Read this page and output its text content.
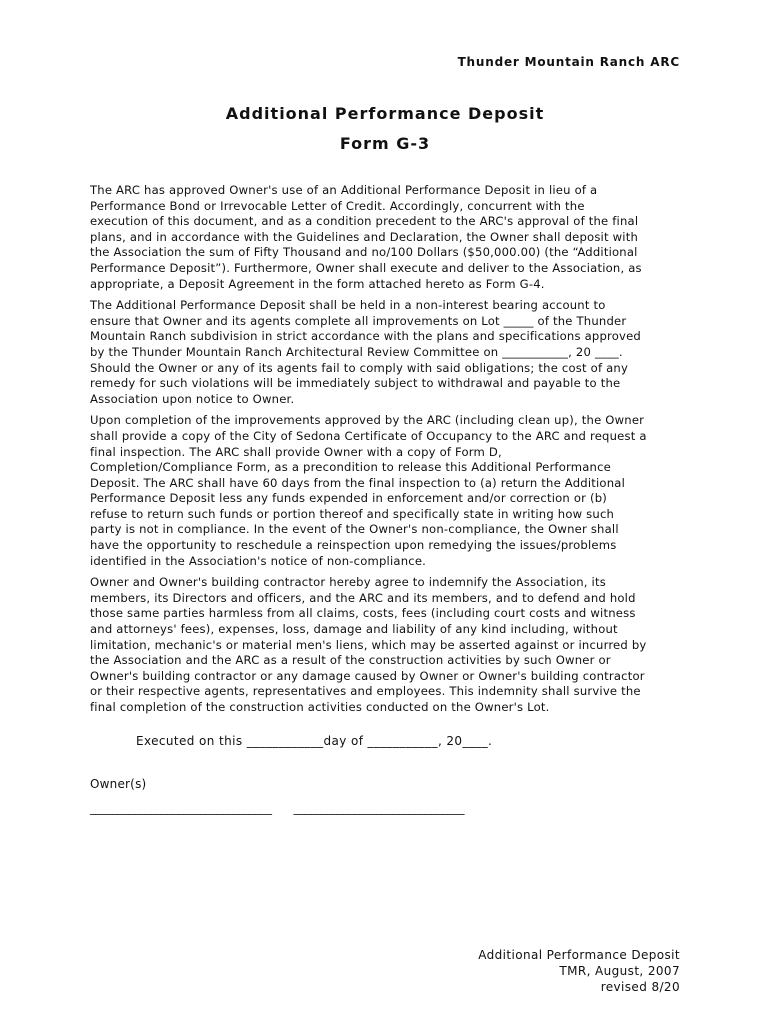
Thunder Mountain Ranch ARC
Additional Performance Deposit
Form G-3

The ARC has approved Owner's use of an Additional Performance Deposit in lieu of a
Performance Bond or Irrevocable Letter of Credit. Accordingly, concurrent with the
execution of this document, and as a condition precedent to the ARC's approval of the final
plans, and in accordance with the Guidelines and Declaration, the Owner shall deposit with
the Association the sum of Fifty Thousand and no/100 Dollars ($50,000.00) (the “Additional
Performance Deposit”). Furthermore, Owner shall execute and deliver to the Association, as
appropriate, a Deposit Agreement in the form attached hereto as Form G-4.

The Additional Performance Deposit shall be held in a non-interest bearing account to
ensure that Owner and its agents complete all improvements on Lot _____ of the Thunder
Mountain Ranch subdivision in strict accordance with the plans and specifications approved
by the Thunder Mountain Ranch Architectural Review Committee on ___________, 20 ____.
Should the Owner or any of its agents fail to comply with said obligations; the cost of any
remedy for such violations will be immediately subject to withdrawal and payable to the
Association upon notice to Owner.

Upon completion of the improvements approved by the ARC (including clean up), the Owner
shall provide a copy of the City of Sedona Certificate of Occupancy to the ARC and request a
final inspection. The ARC shall provide Owner with a copy of Form D,
Completion/Compliance Form, as a precondition to release this Additional Performance
Deposit. The ARC shall have 60 days from the final inspection to (a) return the Additional
Performance Deposit less any funds expended in enforcement and/or correction or (b)
refuse to return such funds or portion thereof and specifically state in writing how such
party is not in compliance. In the event of the Owner's non-compliance, the Owner shall
have the opportunity to reschedule a reinspection upon remedying the issues/problems
identified in the Association's notice of non-compliance.

Owner and Owner's building contractor hereby agree to indemnify the Association, its
members, its Directors and officers, and the ARC and its members, and to defend and hold
those same parties harmless from all claims, costs, fees (including court costs and witness
and attorneys' fees), expenses, loss, damage and liability of any kind including, without
limitation, mechanic's or material men's liens, which may be asserted against or incurred by
the Association and the ARC as a result of the construction activities by such Owner or
Owner's building contractor or any damage caused by Owner or Owner's building contractor
or their respective agents, representatives and employees. This indemnity shall survive the
final completion of the construction activities conducted on the Owner's Lot.

Executed on this ____________day of ___________, 20____.
Owner(s)
_________________________________ _______________________________
Additional Performance Deposit
TMR, August, 2007
revised 8/20
